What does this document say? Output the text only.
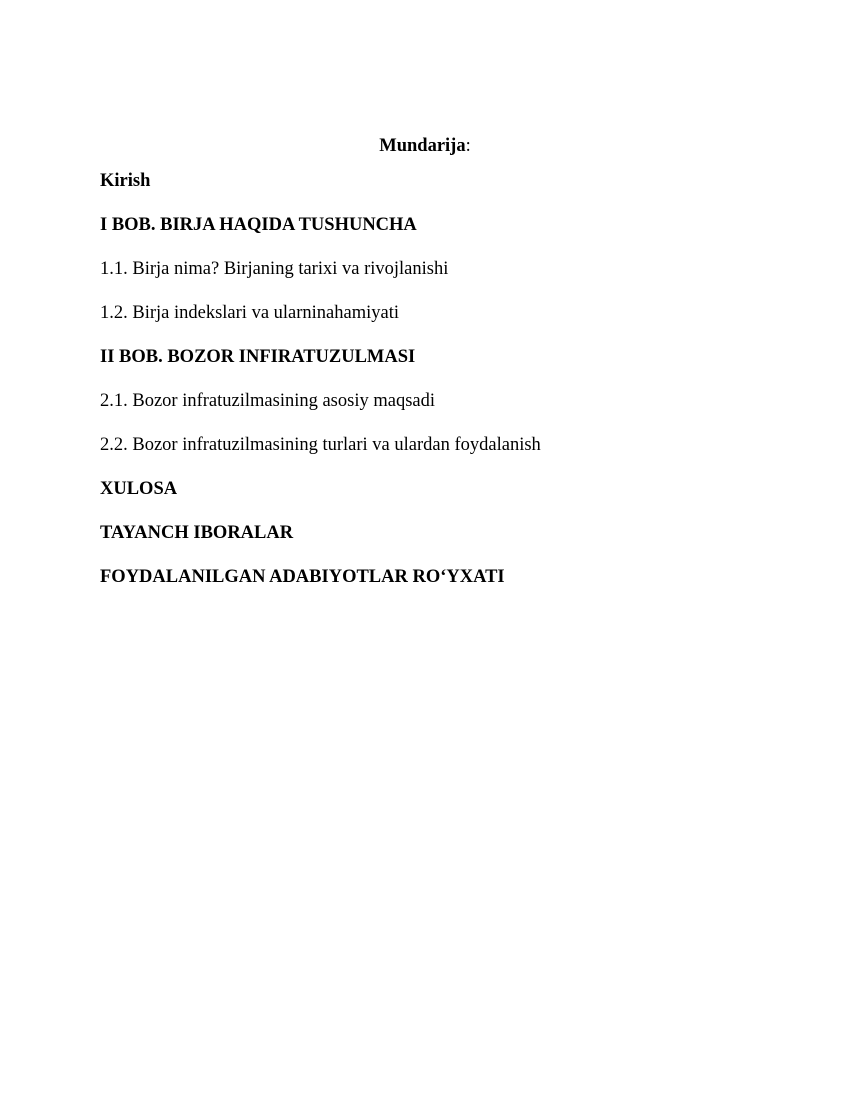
Mundarija:
Kirish
I BOB. BIRJA HAQIDA TUSHUNCHA
1.1. Birja nima? Birjaning tarixi va rivojlanishi
1.2. Birja indekslari va ularninahamiyati
II BOB. BOZOR INFIRATUZULMASI
2.1. Bozor infratuzilmasining asosiy maqsadi
2.2. Bozor infratuzilmasining turlari va ulardan foydalanish
XULOSA
TAYANCH IBORALAR
FOYDALANILGAN ADABIYOTLAR RO‘YXATI
